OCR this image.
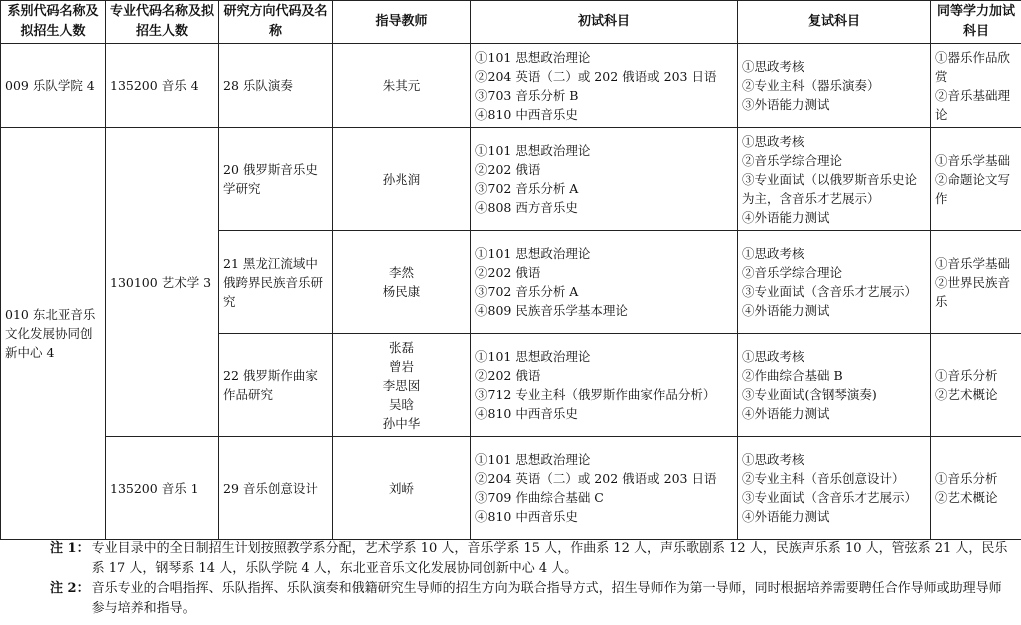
系别代码名称及拟招生人数	专业代码名称及拟招生人数	研究方向代码及名称	指导教师	初试科目	复试科目	同等学力加试科目
009 乐队学院 4	135200 音乐 4	28 乐队演奏	朱其元	①101 思想政治理论
②204 英语（二）或 202 俄语或 203 日语
③703 音乐分析 B
④810 中西音乐史	①思政考核
②专业主科（器乐演奏）
③外语能力测试	①器乐作品欣赏
②音乐基础理论

010 东北亚音乐文化发展协同创新中心 4	130100 艺术学 3	20 俄罗斯音乐史学研究	孙兆润	①101 思想政治理论
②202 俄语
③702 音乐分析 A
④808 西方音乐史	①思政考核
②音乐学综合理论
③专业面试（以俄罗斯音乐史论为主，含音乐才艺展示）
④外语能力测试	①音乐学基础
②命题论文写作

		21 黑龙江流域中俄跨界民族音乐研究	李然
杨民康	①101 思想政治理论
②202 俄语
③702 音乐分析 A
④809 民族音乐学基本理论	①思政考核
②音乐学综合理论
③专业面试（含音乐才艺展示）
④外语能力测试	①音乐学基础
②世界民族音乐

		22 俄罗斯作曲家作品研究	张磊
曾岩
李思囡
吴晗
孙中华	①101 思想政治理论
②202 俄语
③712 专业主科（俄罗斯作曲家作品分析）
④810 中西音乐史	①思政考核
②作曲综合基础 B
③专业面试(含钢琴演奏)
④外语能力测试	①音乐分析
②艺术概论

	135200 音乐 1	29 音乐创意设计	刘峤	①101 思想政治理论
②204 英语（二）或 202 俄语或 203 日语
③709 作曲综合基础 C
④810 中西音乐史	①思政考核
②专业主科（音乐创意设计）
③专业面试（含音乐才艺展示）
④外语能力测试	①音乐分析
②艺术概论
注 1： 专业目录中的全日制招生计划按照教学系分配，艺术学系 10 人，音乐学系 15 人，作曲系 12 人，声乐歌剧系 12 人，民族声乐系 10 人，管弦系 21 人，民乐系 17 人，钢琴系 14 人，乐队学院 4 人，东北亚音乐文化发展协同创新中心 4 人。
注 2： 音乐专业的合唱指挥、乐队指挥、乐队演奏和俄籍研究生导师的招生方向为联合指导方式，招生导师作为第一导师，同时根据培养需要聘任合作导师或助理导师参与培养和指导。
